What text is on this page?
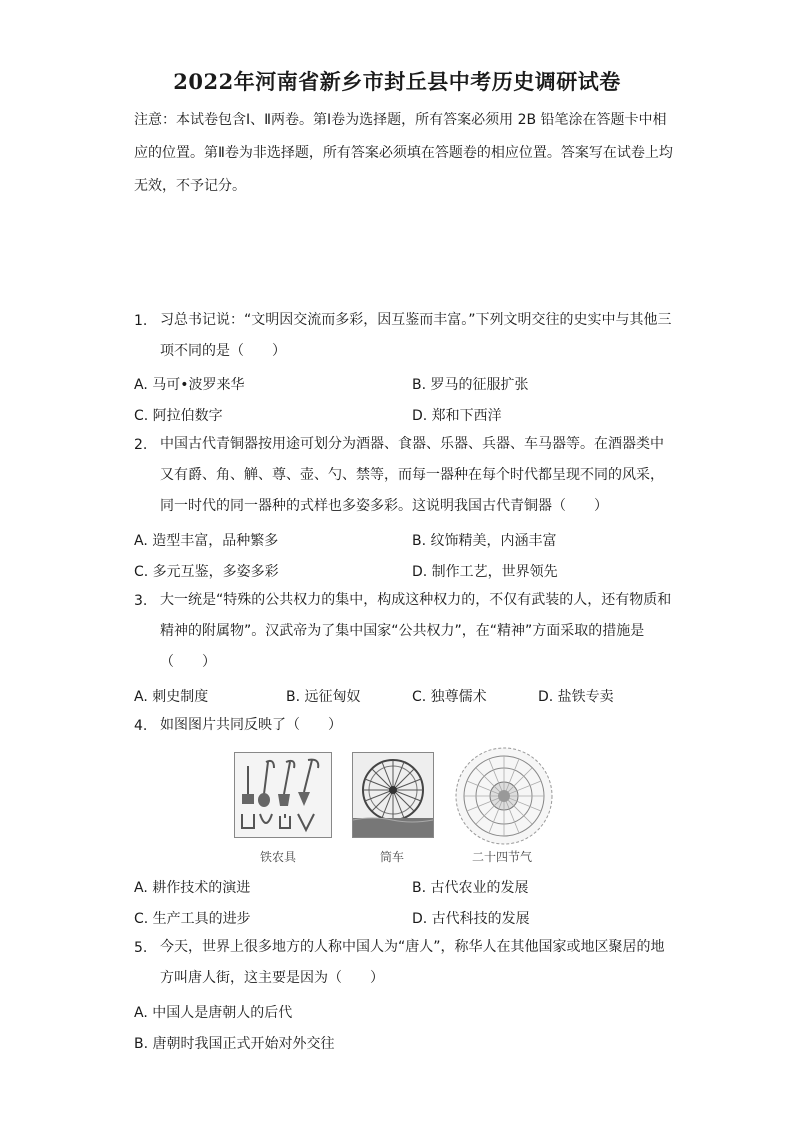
2022年河南省新乡市封丘县中考历史调研试卷
注意：本试卷包含Ⅰ、Ⅱ两卷。第Ⅰ卷为选择题，所有答案必须用 2B 铅笔涂在答题卡中相应的位置。第Ⅱ卷为非选择题，所有答案必须填在答题卷的相应位置。答案写在试卷上均无效，不予记分。
1. 习总书记说：“文明因交流而多彩，因互鉴而丰富。”下列文明交往的史实中与其他三项不同的是（　　）
A. 马可•波罗来华	B. 罗马的征服扩张
C. 阿拉伯数字	D. 郑和下西洋
2. 中国古代青铜器按用途可划分为酒器、食器、乐器、兵器、车马器等。在酒器类中又有爵、角、觯、尊、壶、勺、禁等，而每一器种在每个时代都呈现不同的风采，同一时代的同一器种的式样也多姿多彩。这说明我国古代青铜器（　　）
A. 造型丰富，品种繁多	B. 纹饰精美，内涵丰富
C. 多元互鉴，多姿多彩	D. 制作工艺，世界领先
3. 大一统是“特殊的公共权力的集中，构成这种权力的，不仅有武装的人，还有物质和精神的附属物”。汉武帝为了集中国家“公共权力”，在“精神”方面采取的措施是（　　）
A. 刺史制度	B. 远征匈奴	C. 独尊儒术	D. 盐铁专卖
4. 如图图片共同反映了（　　）
铁农具	筒车	二十四节气
A. 耕作技术的演进	B. 古代农业的发展
C. 生产工具的进步	D. 古代科技的发展
5. 今天，世界上很多地方的人称中国人为“唐人”，称华人在其他国家或地区聚居的地方叫唐人街，这主要是因为（　　）
A. 中国人是唐朝人的后代
B. 唐朝时我国正式开始对外交往
